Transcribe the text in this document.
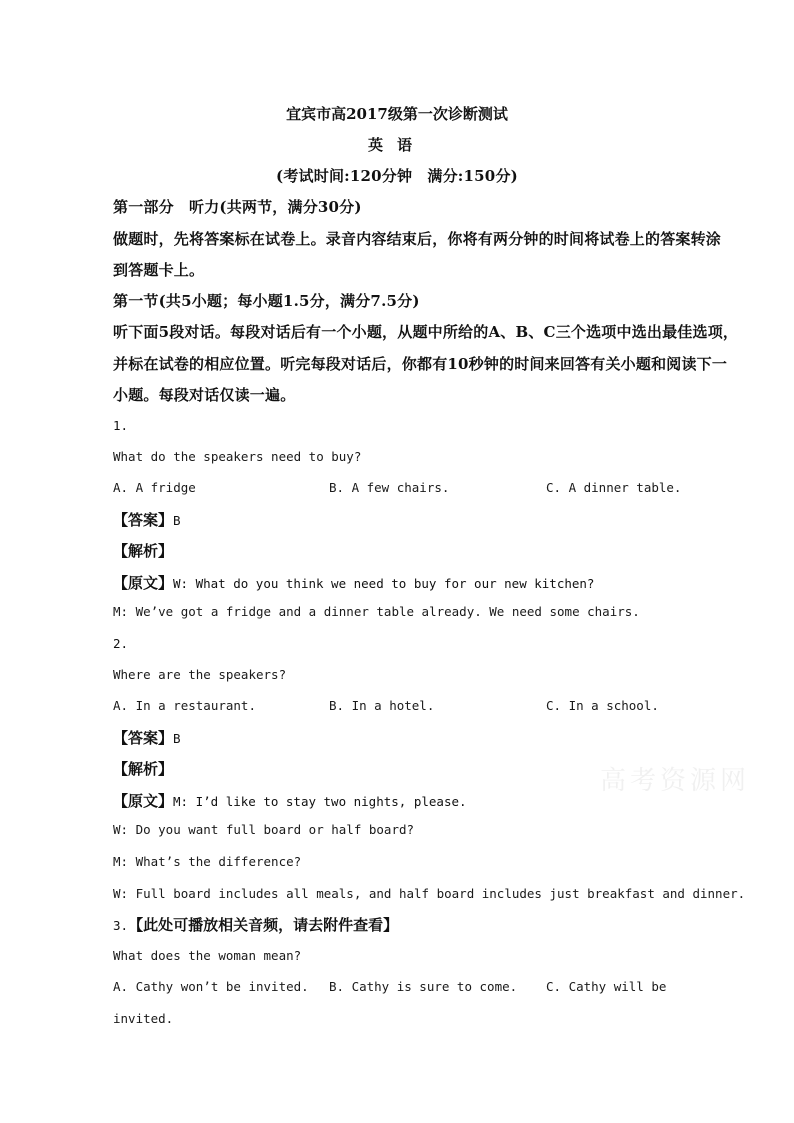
宜宾市高2017级第一次诊断测试
英语
(考试时间:120分钟　满分:150分)
第一部分　听力(共两节，满分30分)
做题时，先将答案标在试卷上。录音内容结束后，你将有两分钟的时间将试卷上的答案转涂
到答题卡上。
第一节(共5小题；每小题1.5分，满分7.5分)
听下面5段对话。每段对话后有一个小题，从题中所给的A、B、C三个选项中选出最佳选项，
并标在试卷的相应位置。听完每段对话后，你都有10秒钟的时间来回答有关小题和阅读下一
小题。每段对话仅读一遍。
1.
What do the speakers need to buy?
A. A fridge	B. A few chairs.	C. A dinner table.
【答案】B
【解析】
【原文】W: What do you think we need to buy for our new kitchen?
M: We’ve got a fridge and a dinner table already. We need some chairs.
2.
Where are the speakers?
A. In a restaurant.	B. In a hotel.	C. In a school.
【答案】B
【解析】
【原文】M: I’d like to stay two nights, please.
W: Do you want full board or half board?
M: What’s the difference?
W: Full board includes all meals, and half board includes just breakfast and dinner.
3.【此处可播放相关音频，请去附件查看】
What does the woman mean?
A. Cathy won’t be invited. B. Cathy is sure to come. C. Cathy will be
invited.
高考资源网
